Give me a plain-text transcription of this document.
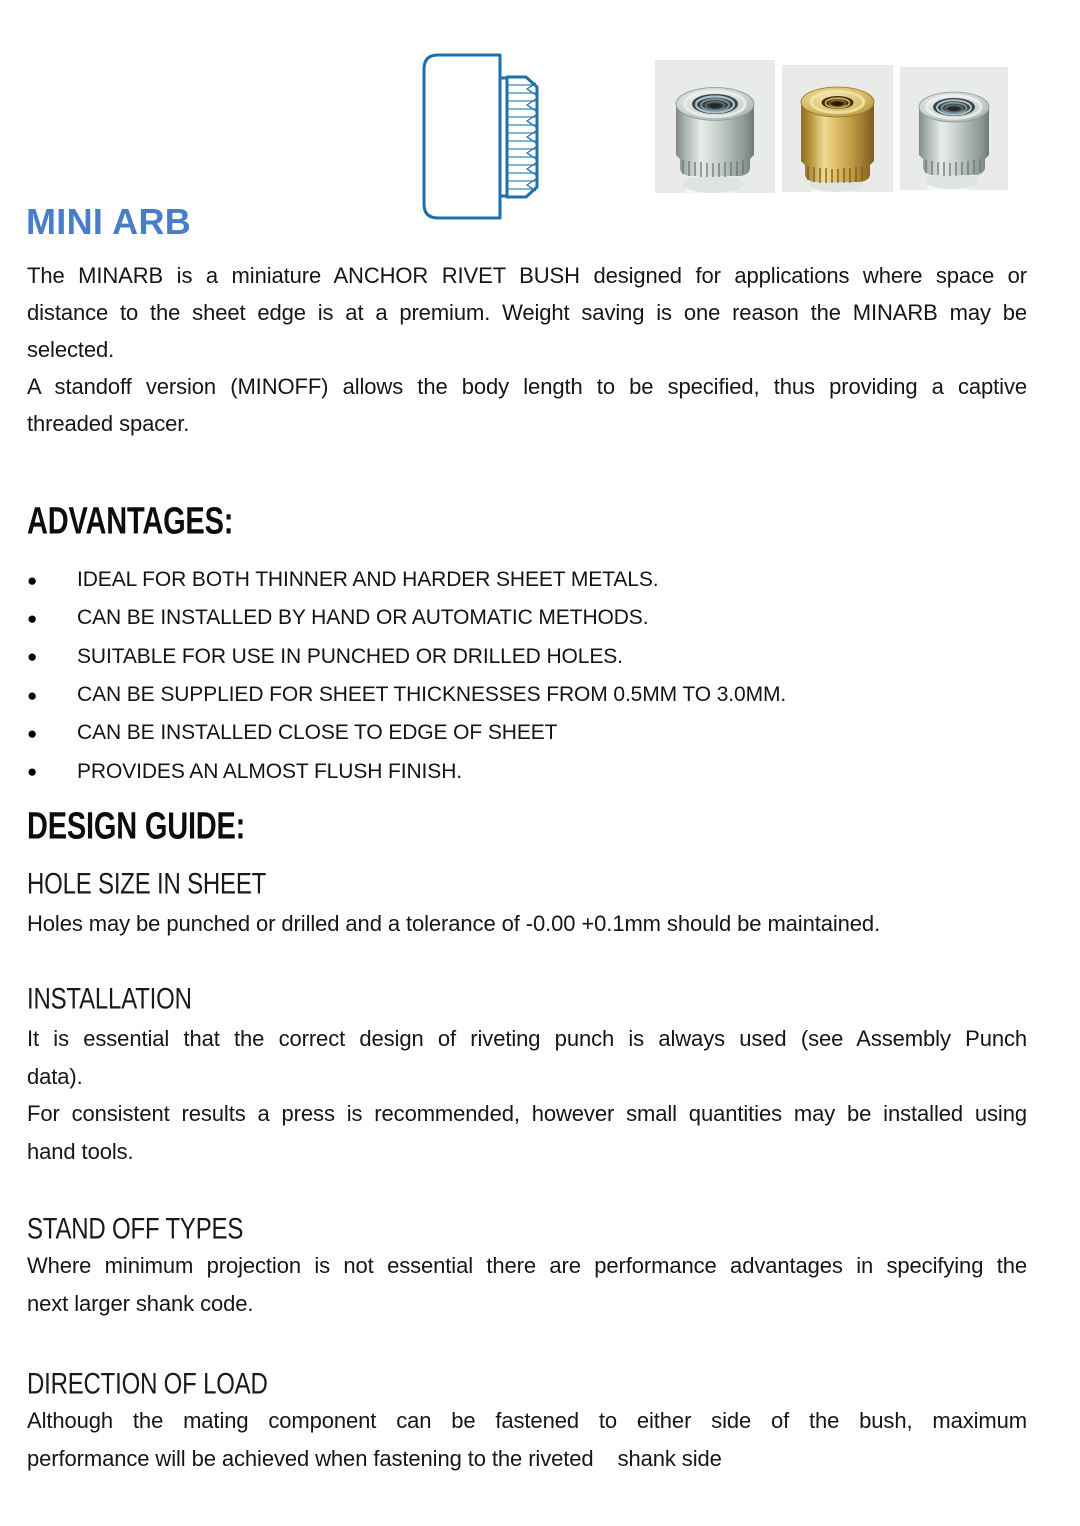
MINI ARB
The MINARB is a miniature ANCHOR RIVET BUSH designed for applications where space or
distance to the sheet edge is at a premium. Weight saving is one reason the MINARB may be
selected.
A standoff version (MINOFF) allows the body length to be specified, thus providing a captive
threaded spacer.
ADVANTAGES:
●	IDEAL FOR BOTH THINNER AND HARDER SHEET METALS.
●	CAN BE INSTALLED BY HAND OR AUTOMATIC METHODS.
●	SUITABLE FOR USE IN PUNCHED OR DRILLED HOLES.
●	CAN BE SUPPLIED FOR SHEET THICKNESSES FROM 0.5MM TO 3.0MM.
●	CAN BE INSTALLED CLOSE TO EDGE OF SHEET
●	PROVIDES AN ALMOST FLUSH FINISH.
DESIGN GUIDE:
HOLE SIZE IN SHEET
Holes may be punched or drilled and a tolerance of -0.00 +0.1mm should be maintained.
INSTALLATION
It is essential that the correct design of riveting punch is always used (see Assembly Punch
data).
For consistent results a press is recommended, however small quantities may be installed using
hand tools.
STAND OFF TYPES
Where minimum projection is not essential there are performance advantages in specifying the
next larger shank code.
DIRECTION OF LOAD
Although the mating component can be fastened to either side of the bush, maximum
performance will be achieved when fastening to the riveted    shank side
